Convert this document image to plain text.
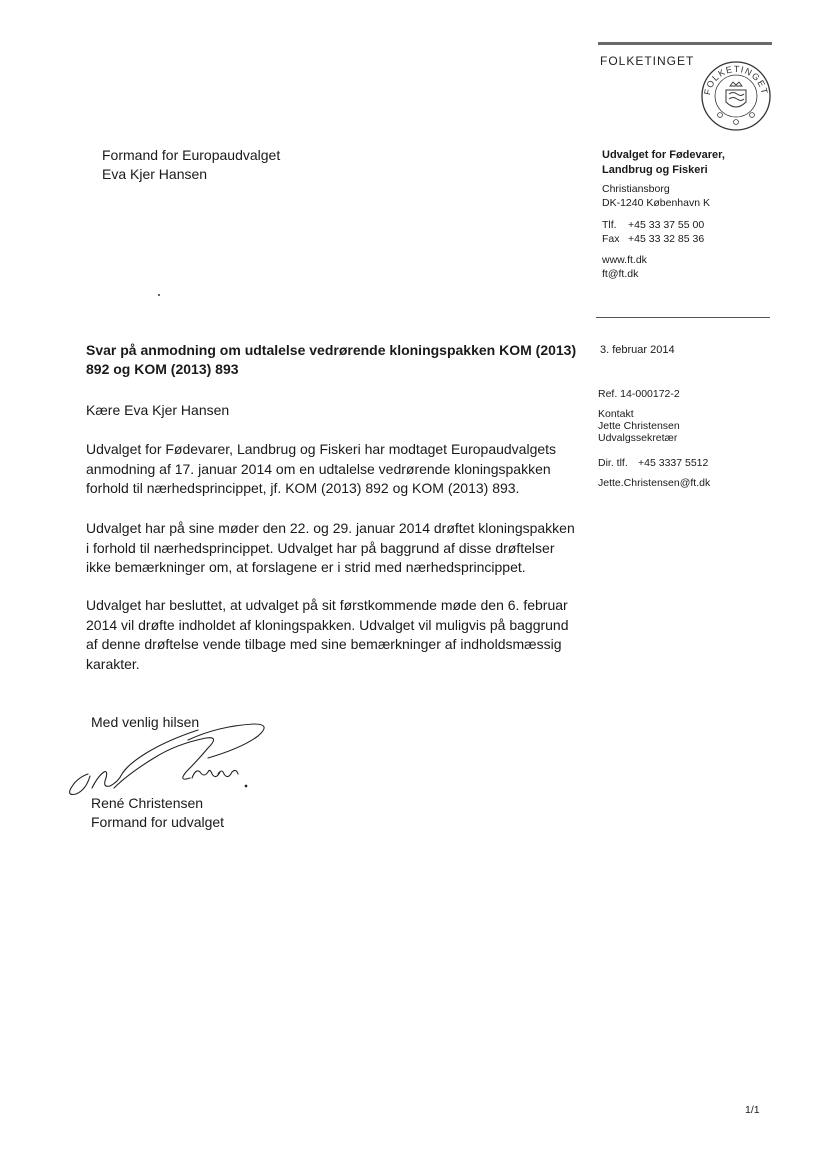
FOLKETINGET
FOLKETINGET
Formand for Europaudvalget
Eva Kjer Hansen
Udvalget for Fødevarer,
Landbrug og Fiskeri
Christiansborg
DK-1240 København K
Tlf. +45 33 37 55 00
Fax +45 33 32 85 36
www.ft.dk
ft@ft.dk
Svar på anmodning om udtalelse vedrørende kloningspakken KOM (2013) 892 og KOM (2013) 893
3. februar 2014
Ref. 14-000172-2
Kontakt
Jette Christensen
Udvalgssekretær
Dir. tlf. +45 3337 5512
Jette.Christensen@ft.dk
Kære Eva Kjer Hansen
Udvalget for Fødevarer, Landbrug og Fiskeri har modtaget Europaudvalgets anmodning af 17. januar 2014 om en udtalelse vedrørende kloningspakken forhold til nærhedsprincippet, jf. KOM (2013) 892 og KOM (2013) 893.
Udvalget har på sine møder den 22. og 29. januar 2014 drøftet kloningspakken i forhold til nærhedsprincippet. Udvalget har på baggrund af disse drøftelser ikke bemærkninger om, at forslagene er i strid med nærhedsprincippet.
Udvalget har besluttet, at udvalget på sit førstkommende møde den 6. februar 2014 vil drøfte indholdet af kloningspakken. Udvalget vil muligvis på baggrund af denne drøftelse vende tilbage med sine bemærkninger af indholdsmæssig karakter.
Med venlig hilsen
René Christensen
Formand for udvalget
1/1
